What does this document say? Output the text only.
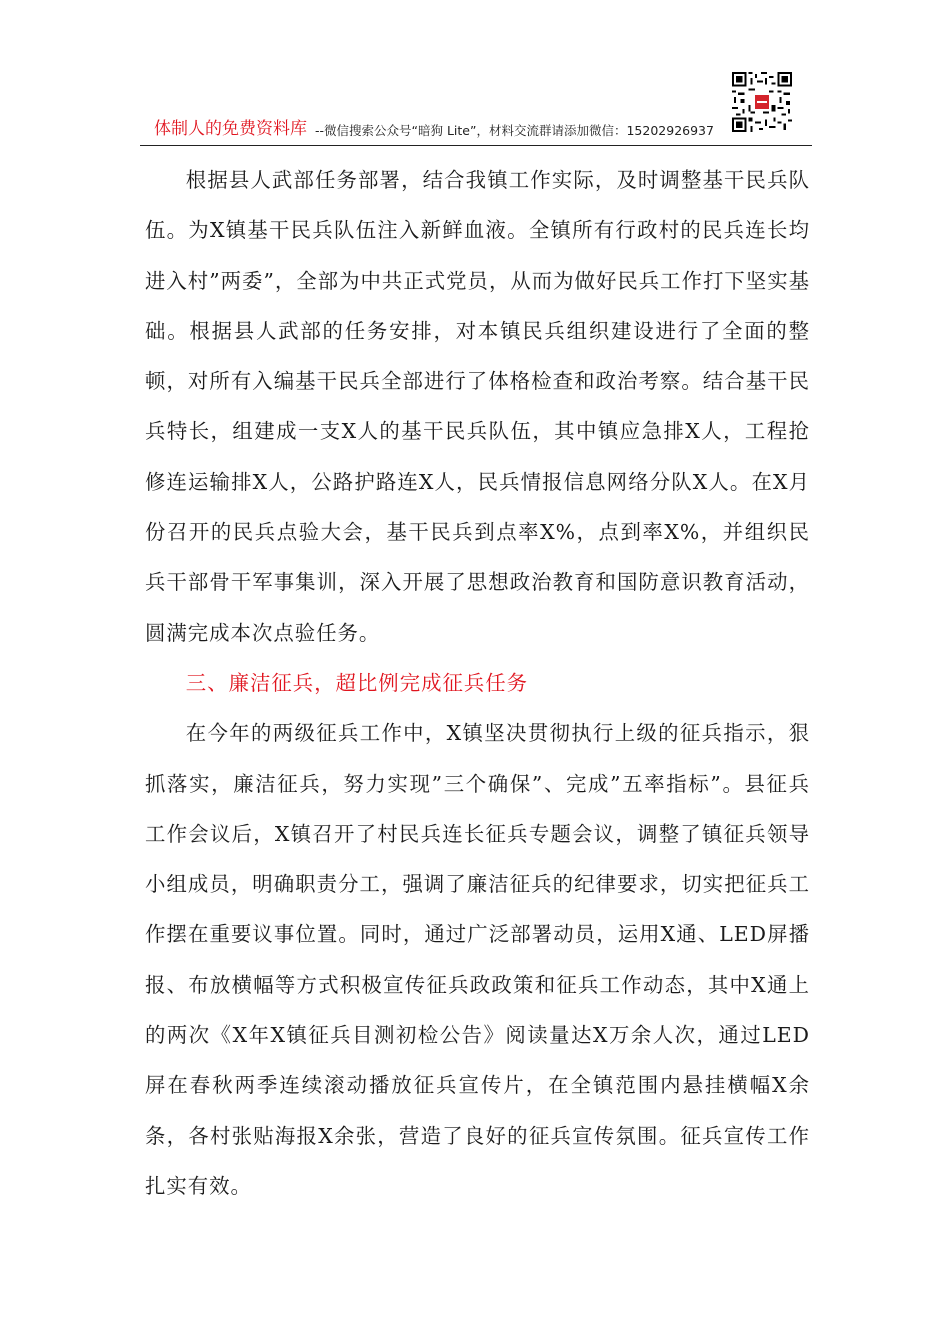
体制人的免费资料库 --微信搜索公众号“暗狗 Lite”，材料交流群请添加微信：15202926937

根据县人武部任务部署，结合我镇工作实际，及时调整基干民兵队伍。为X镇基干民兵队伍注入新鲜血液。全镇所有行政村的民兵连长均进入村”两委”，全部为中共正式党员，从而为做好民兵工作打下坚实基础。根据县人武部的任务安排，对本镇民兵组织建设进行了全面的整顿，对所有入编基干民兵全部进行了体格检查和政治考察。结合基干民兵特长，组建成一支X人的基干民兵队伍，其中镇应急排X人，工程抢修连运输排X人，公路护路连X人，民兵情报信息网络分队X人。在X月份召开的民兵点验大会，基干民兵到点率X%，点到率X%，并组织民兵干部骨干军事集训，深入开展了思想政治教育和国防意识教育活动，圆满完成本次点验任务。

三、廉洁征兵，超比例完成征兵任务

在今年的两级征兵工作中，X镇坚决贯彻执行上级的征兵指示，狠抓落实，廉洁征兵，努力实现”三个确保”、完成”五率指标”。县征兵工作会议后，X镇召开了村民兵连长征兵专题会议，调整了镇征兵领导小组成员，明确职责分工，强调了廉洁征兵的纪律要求，切实把征兵工作摆在重要议事位置。同时，通过广泛部署动员，运用X通、LED屏播报、布放横幅等方式积极宣传征兵政政策和征兵工作动态，其中X通上的两次《X年X镇征兵目测初检公告》阅读量达X万余人次，通过LED屏在春秋两季连续滚动播放征兵宣传片，在全镇范围内悬挂横幅X余条，各村张贴海报X余张，营造了良好的征兵宣传氛围。征兵宣传工作扎实有效。
